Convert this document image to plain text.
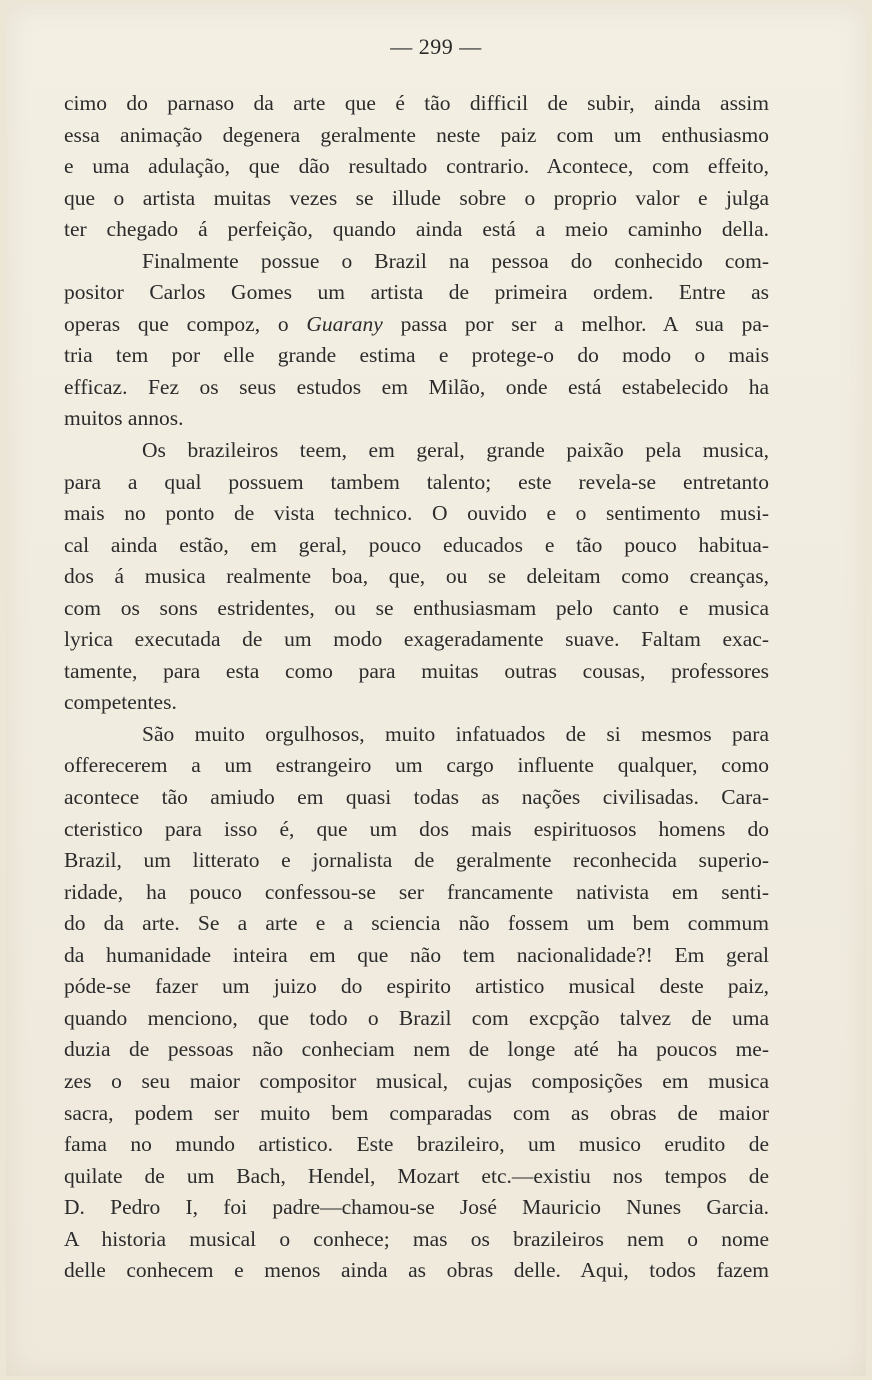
— 299 —
cimo do parnaso da arte que é tão difficil de subir, ainda assim
essa animação degenera geralmente neste paiz com um enthusiasmo
e uma adulação, que dão resultado contrario. Acontece, com effeito,
que o artista muitas vezes se illude sobre o proprio valor e julga
ter chegado á perfeição, quando ainda está a meio caminho della.
Finalmente possue o Brazil na pessoa do conhecido com-
positor Carlos Gomes um artista de primeira ordem. Entre as
operas que compoz, o Guarany passa por ser a melhor. A sua pa-
tria tem por elle grande estima e protege-o do modo o mais
efficaz. Fez os seus estudos em Milão, onde está estabelecido ha
muitos annos.
Os brazileiros teem, em geral, grande paixão pela musica,
para a qual possuem tambem talento; este revela-se entretanto
mais no ponto de vista technico. O ouvido e o sentimento musi-
cal ainda estão, em geral, pouco educados e tão pouco habitua-
dos á musica realmente boa, que, ou se deleitam como creanças,
com os sons estridentes, ou se enthusiasmam pelo canto e musica
lyrica executada de um modo exageradamente suave. Faltam exac-
tamente, para esta como para muitas outras cousas, professores
competentes.
São muito orgulhosos, muito infatuados de si mesmos para
offerecerem a um estrangeiro um cargo influente qualquer, como
acontece tão amiudo em quasi todas as nações civilisadas. Cara-
cteristico para isso é, que um dos mais espirituosos homens do
Brazil, um litterato e jornalista de geralmente reconhecida superio-
ridade, ha pouco confessou-se ser francamente nativista em senti-
do da arte. Se a arte e a sciencia não fossem um bem commum
da humanidade inteira em que não tem nacionalidade?! Em geral
póde-se fazer um juizo do espirito artistico musical deste paiz,
quando menciono, que todo o Brazil com excpção talvez de uma
duzia de pessoas não conheciam nem de longe até ha poucos me-
zes o seu maior compositor musical, cujas composições em musica
sacra, podem ser muito bem comparadas com as obras de maior
fama no mundo artistico. Este brazileiro, um musico erudito de
quilate de um Bach, Hendel, Mozart etc.—existiu nos tempos de
D. Pedro I, foi padre—chamou-se José Mauricio Nunes Garcia.
A historia musical o conhece; mas os brazileiros nem o nome
delle conhecem e menos ainda as obras delle. Aqui, todos fazem
